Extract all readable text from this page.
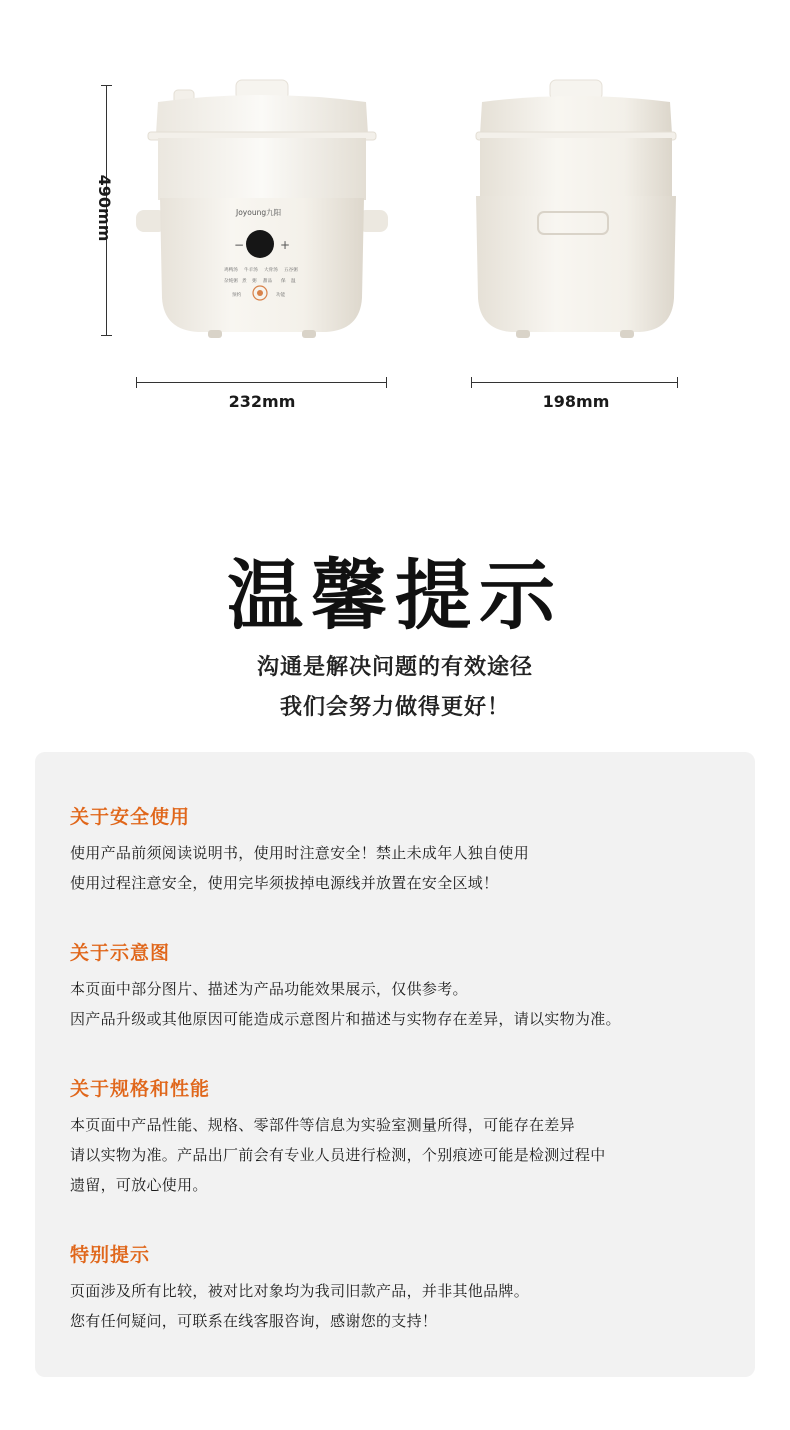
−	+
Joyoung九阳
鸡鸭汤 牛羊汤 大骨汤 五谷粥
杂炖粥 煮 粥 甜品 保 温
预约	功能
490mm
232mm	198mm
温馨提示
沟通是解决问题的有效途径
我们会努力做得更好！
关于安全使用
使用产品前须阅读说明书，使用时注意安全！禁止未成年人独自使用
使用过程注意安全，使用完毕须拔掉电源线并放置在安全区域！
关于示意图
本页面中部分图片、描述为产品功能效果展示，仅供参考。
因产品升级或其他原因可能造成示意图片和描述与实物存在差异，请以实物为准。
关于规格和性能
本页面中产品性能、规格、零部件等信息为实验室测量所得，可能存在差异
请以实物为准。产品出厂前会有专业人员进行检测，个别痕迹可能是检测过程中
遗留，可放心使用。
特别提示
页面涉及所有比较，被对比对象均为我司旧款产品，并非其他品牌。
您有任何疑问，可联系在线客服咨询，感谢您的支持！
